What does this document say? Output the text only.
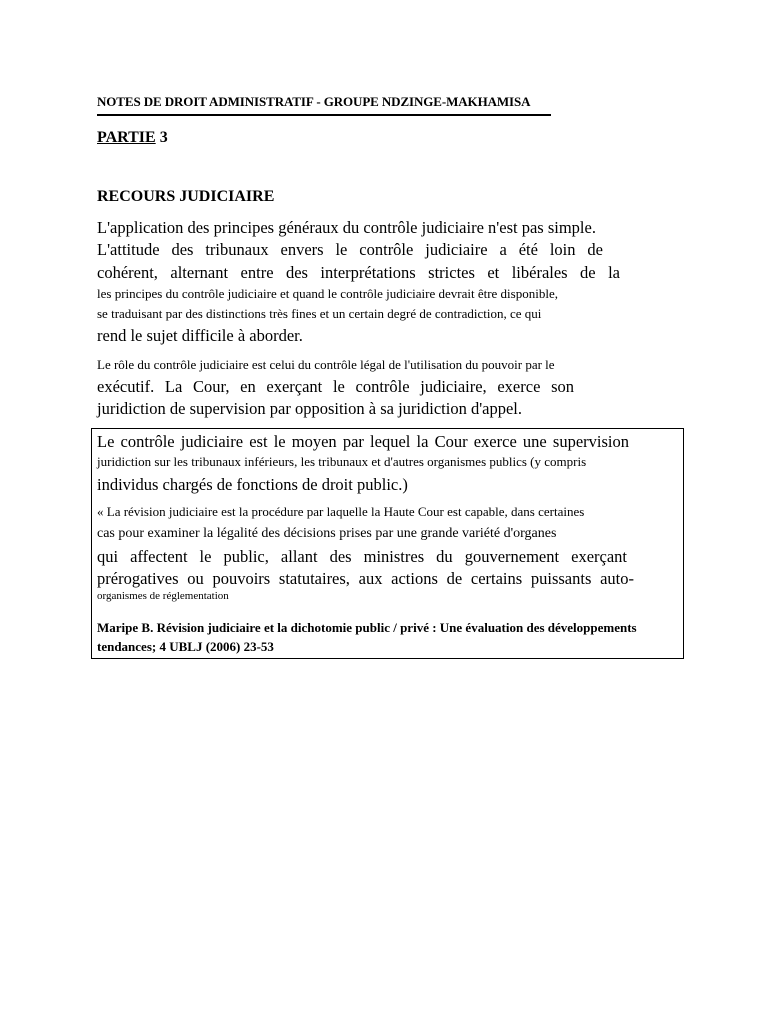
NOTES DE DROIT ADMINISTRATIF - GROUPE NDZINGE-MAKHAMISA
PARTIE 3
RECOURS JUDICIAIRE
L'application des principes généraux du contrôle judiciaire n'est pas simple.
L'attitude des tribunaux envers le contrôle judiciaire a été loin de
cohérent, alternant entre des interprétations strictes et libérales de la
les principes du contrôle judiciaire et quand le contrôle judiciaire devrait être disponible,
se traduisant par des distinctions très fines et un certain degré de contradiction, ce qui
rend le sujet difficile à aborder.
Le rôle du contrôle judiciaire est celui du contrôle légal de l'utilisation du pouvoir par le
exécutif. La Cour, en exerçant le contrôle judiciaire, exerce son
juridiction de supervision par opposition à sa juridiction d'appel.
Le contrôle judiciaire est le moyen par lequel la Cour exerce une supervision
juridiction sur les tribunaux inférieurs, les tribunaux et d'autres organismes publics (y compris
individus chargés de fonctions de droit public.)
« La révision judiciaire est la procédure par laquelle la Haute Cour est capable, dans certaines
cas pour examiner la légalité des décisions prises par une grande variété d'organes
qui affectent le public, allant des ministres du gouvernement exerçant
prérogatives ou pouvoirs statutaires, aux actions de certains puissants auto-
organismes de réglementation
Maripe B. Révision judiciaire et la dichotomie public / privé : Une évaluation des développements
tendances; 4 UBLJ (2006) 23-53
